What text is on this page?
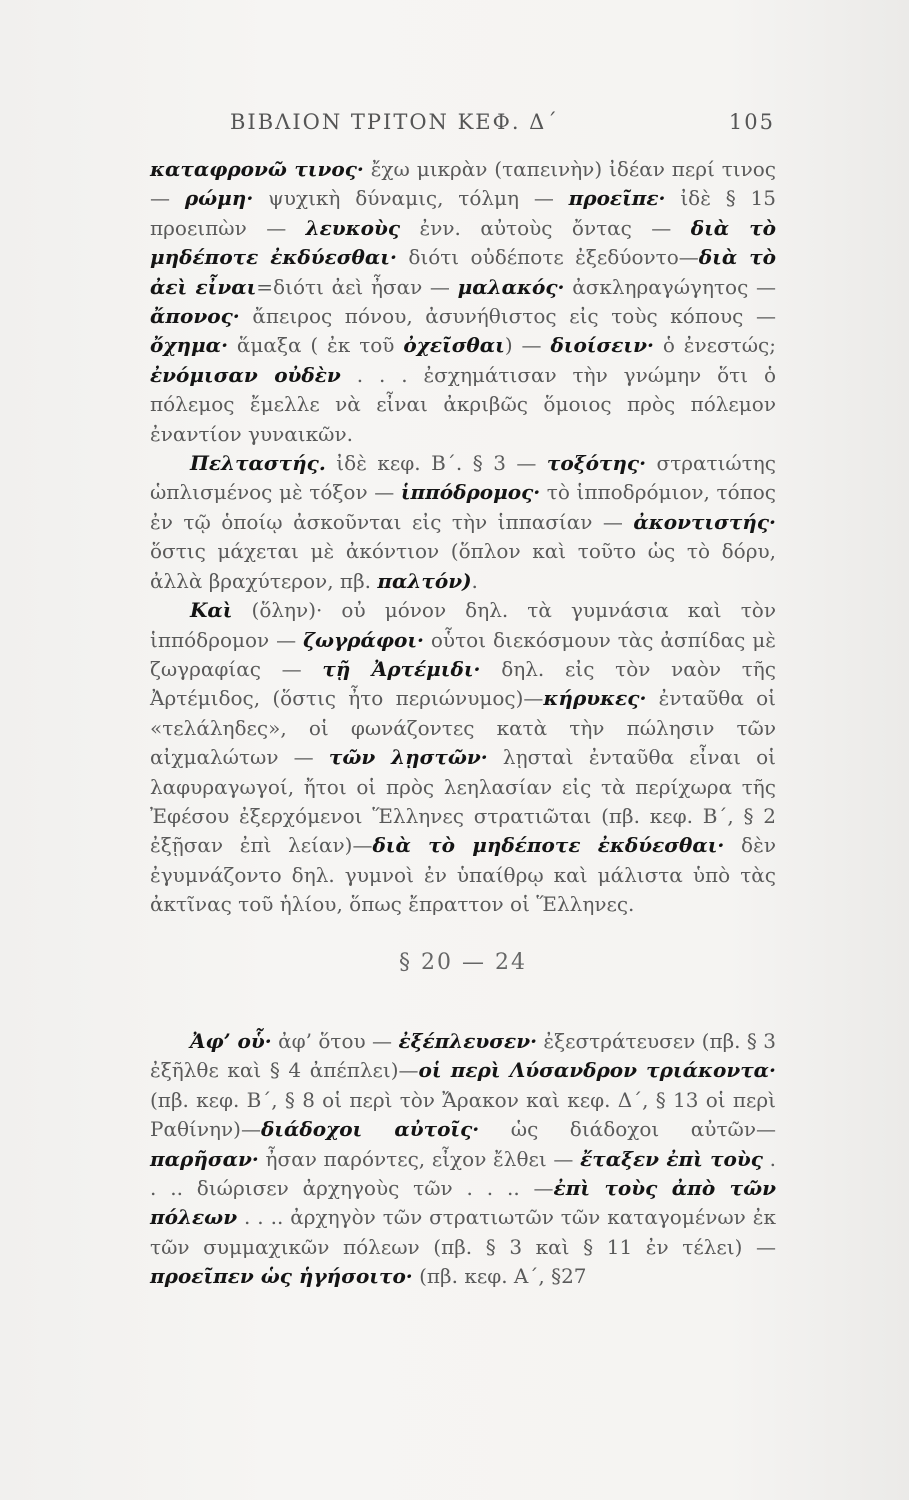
ΒΙΒΛΙΟΝ ΤΡΙΤΟΝ ΚΕΦ. Δ΄	105

καταφρονῶ τινος· ἔχω μικρὰν (ταπεινὴν) ἰδέαν περί τινος — ρώμη· ψυχικὴ δύναμις, τόλμη — προεῖπε· ἰδὲ § 15 προειπὼν — λευκοὺς ἐνν. αὐτοὺς ὄντας — διὰ τὸ μηδέποτε ἐκδύεσθαι· διότι οὐδέποτε ἐξεδύοντο—διὰ τὸ ἀεὶ εἶναι=διότι ἀεὶ ἦσαν — μαλακός· ἀσκληραγώγητος — ἄπονος· ἄπειρος πόνου, ἀσυνήθιστος εἰς τοὺς κόπους — ὄχημα· ἅμαξα ( ἐκ τοῦ ὀχεῖσθαι) — διοίσειν· ὁ ἐνεστώς; ἐνόμισαν οὐδὲν . . . ἐσχημάτισαν τὴν γνώμην ὅτι ὁ πόλεμος ἔμελλε νὰ εἶναι ἀκριβῶς ὅμοιος πρὸς πόλεμον ἐναντίον γυναικῶν.

Πελταστής. ἰδὲ κεφ. Β΄. § 3 — τοξότης· στρατιώτης ὡπλισμένος μὲ τόξον — ἱππόδρομος· τὸ ἱπποδρόμιον, τόπος ἐν τῷ ὁποίῳ ἀσκοῦνται εἰς τὴν ἱππασίαν — ἀκοντιστής· ὅστις μάχεται μὲ ἀκόντιον (ὅπλον καὶ τοῦτο ὡς τὸ δόρυ, ἀλλὰ βραχύτερον, πβ. παλτόν).

Καὶ (ὅλην)· οὐ μόνον δηλ. τὰ γυμνάσια καὶ τὸν ἱππόδρομον — ζωγράφοι· οὗτοι διεκόσμουν τὰς ἀσπίδας μὲ ζωγραφίας — τῇ Ἀρτέμιδι· δηλ. εἰς τὸν ναὸν τῆς Ἀρτέμιδος, (ὅστις ἦτο περιώνυμος)—κήρυκες· ἐνταῦθα οἱ «τελάληδες», οἱ φωνάζοντες κατὰ τὴν πώλησιν τῶν αἰχμαλώτων — τῶν λῃστῶν· λῃσταὶ ἐνταῦθα εἶναι οἱ λαφυραγωγοί, ἤτοι οἱ πρὸς λεηλασίαν εἰς τὰ περίχωρα τῆς Ἐφέσου ἐξερχόμενοι Ἕλληνες στρατιῶται (πβ. κεφ. Β΄, § 2 ἐξῇσαν ἐπὶ λείαν)—διὰ τὸ μηδέποτε ἐκδύεσθαι· δὲν ἐγυμνάζοντο δηλ. γυμνοὶ ἐν ὑπαίθρῳ καὶ μάλιστα ὑπὸ τὰς ἀκτῖνας τοῦ ἡλίου, ὅπως ἔπραττον οἱ Ἕλληνες.

§ 20 — 24

Ἀφ’ οὗ· ἀφ’ ὅτου — ἐξέπλευσεν· ἐξεστράτευσεν (πβ. § 3 ἐξῆλθε καὶ § 4 ἀπέπλει)—οἱ περὶ Λύσανδρον τριάκοντα· (πβ. κεφ. Β΄, § 8 οἱ περὶ τὸν Ἄρακον καὶ κεφ. Δ΄, § 13 οἱ περὶ Ραθίνην)—διάδοχοι αὐτοῖς· ὡς διάδοχοι αὐτῶν—παρῆσαν· ἦσαν παρόντες, εἶχον ἔλθει — ἔταξεν ἐπὶ τοὺς . . .. διώρισεν ἀρχηγοὺς τῶν . . .. —ἐπὶ τοὺς ἀπὸ τῶν πόλεων . . .. ἀρχηγὸν τῶν στρατιωτῶν τῶν καταγομένων ἐκ τῶν συμμαχικῶν πόλεων (πβ. § 3 καὶ § 11 ἐν τέλει) —προεῖπεν ὡς ἡγήσοιτο· (πβ. κεφ. Α΄, §27
